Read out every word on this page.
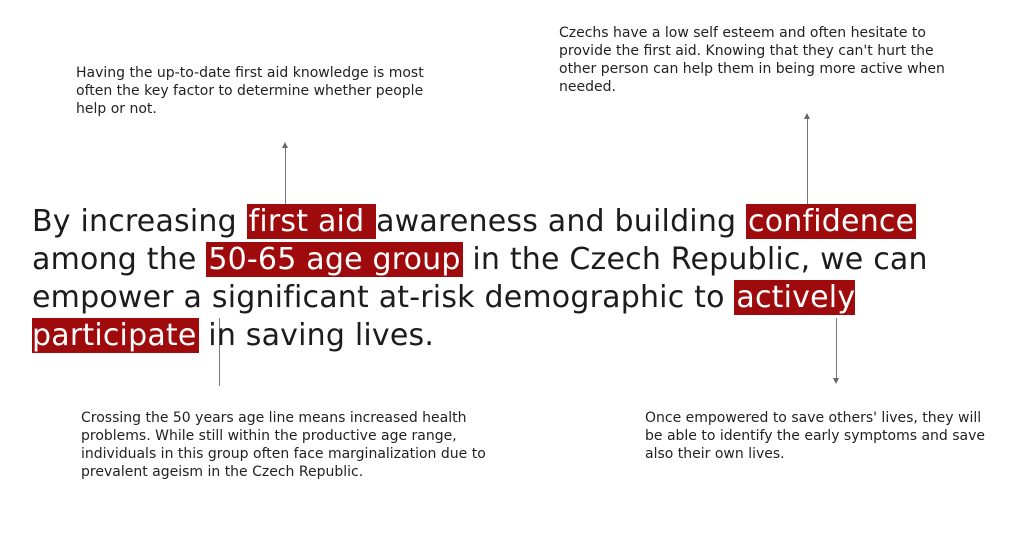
Having the up-to-date first aid knowledge is most often the key factor to determine whether people help or not.

Czechs have a low self esteem and often hesitate to provide the first aid. Knowing that they can't hurt the other person can help them in being more active when needed.

By increasing first aid awareness and building confidence among the 50-65 age group in the Czech Republic, we can empower a significant at-risk demographic to actively participate in saving lives.

Crossing the 50 years age line means increased health problems. While still within the productive age range, individuals in this group often face marginalization due to prevalent ageism in the Czech Republic.

Once empowered to save others' lives, they will be able to identify the early symptoms and save also their own lives.
